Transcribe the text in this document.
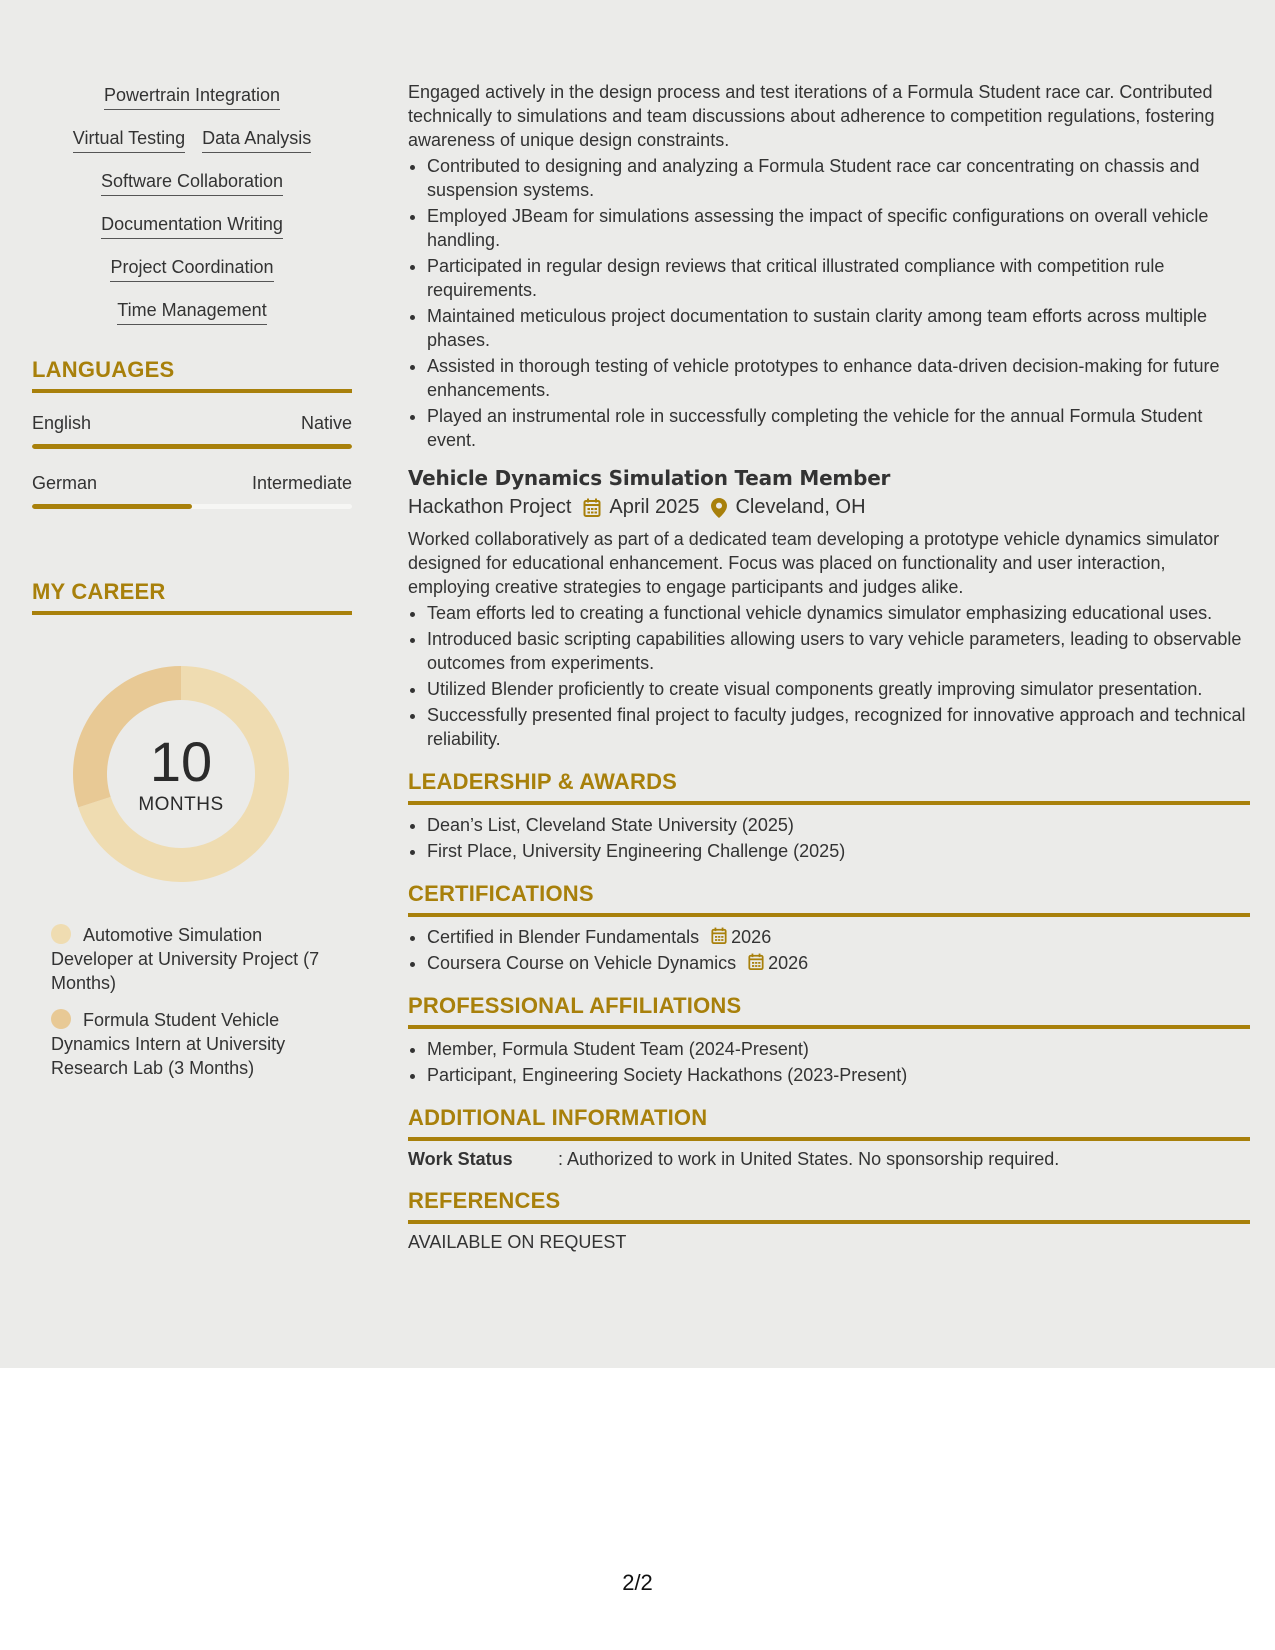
Powertrain Integration
Virtual Testing Data Analysis
Software Collaboration
Documentation Writing
Project Coordination
Time Management
LANGUAGES
English	Native
German	Intermediate
MY CAREER
10
MONTHS
Automotive Simulation Developer at University Project (7 Months)
Formula Student Vehicle Dynamics Intern at University Research Lab (3 Months)
Engaged actively in the design process and test iterations of a Formula Student race car. Contributed technically to simulations and team discussions about adherence to competition regulations, fostering awareness of unique design constraints.
• Contributed to designing and analyzing a Formula Student race car concentrating on chassis and suspension systems.
• Employed JBeam for simulations assessing the impact of specific configurations on overall vehicle handling.
• Participated in regular design reviews that critical illustrated compliance with competition rule requirements.
• Maintained meticulous project documentation to sustain clarity among team efforts across multiple phases.
• Assisted in thorough testing of vehicle prototypes to enhance data-driven decision-making for future enhancements.
• Played an instrumental role in successfully completing the vehicle for the annual Formula Student event.
Vehicle Dynamics Simulation Team Member
Hackathon Project April 2025 Cleveland, OH
Worked collaboratively as part of a dedicated team developing a prototype vehicle dynamics simulator designed for educational enhancement. Focus was placed on functionality and user interaction, employing creative strategies to engage participants and judges alike.
• Team efforts led to creating a functional vehicle dynamics simulator emphasizing educational uses.
• Introduced basic scripting capabilities allowing users to vary vehicle parameters, leading to observable outcomes from experiments.
• Utilized Blender proficiently to create visual components greatly improving simulator presentation.
• Successfully presented final project to faculty judges, recognized for innovative approach and technical reliability.
LEADERSHIP & AWARDS
• Dean’s List, Cleveland State University (2025)
• First Place, University Engineering Challenge (2025)
CERTIFICATIONS
• Certified in Blender Fundamentals 2026
• Coursera Course on Vehicle Dynamics 2026
PROFESSIONAL AFFILIATIONS
• Member, Formula Student Team (2024-Present)
• Participant, Engineering Society Hackathons (2023-Present)
ADDITIONAL INFORMATION
Work Status	: Authorized to work in United States. No sponsorship required.
REFERENCES
AVAILABLE ON REQUEST
2/2
